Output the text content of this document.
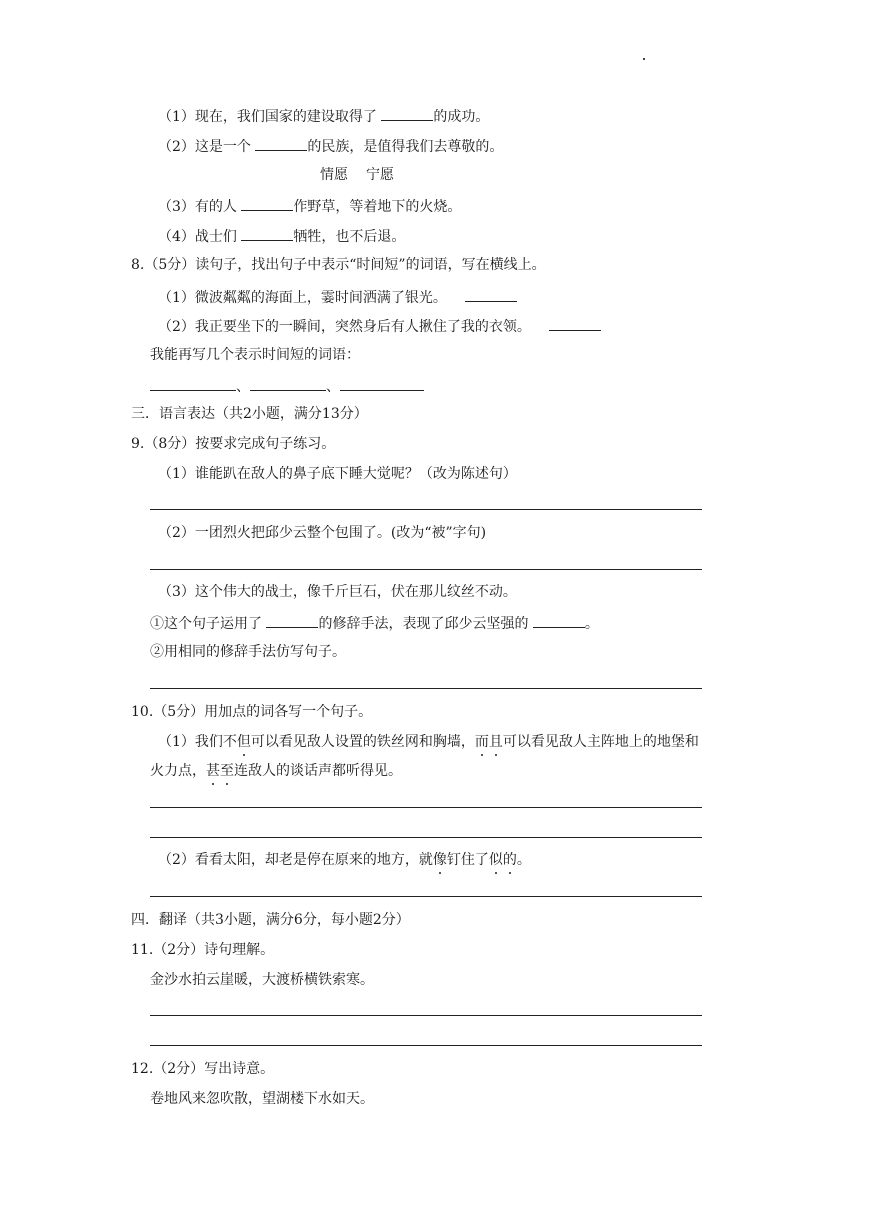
（1）现在，我们国家的建设取得了	的成功。
（2）这是一个	的民族，是值得我们去尊敬的。
情愿 宁愿
（3）有的人	作野草，等着地下的火烧。
（4）战士们	牺牲，也不后退。
8.（5分）读句子，找出句子中表示“时间短”的词语，写在横线上。
（1）微波粼粼的海面上，霎时间洒满了银光。
（2）我正要坐下的一瞬间，突然身后有人揪住了我的衣领。
我能再写几个表示时间短的词语：
、	、
三．语言表达（共2小题，满分13分）
9.（8分）按要求完成句子练习。
（1）谁能趴在敌人的鼻子底下睡大觉呢？（改为陈述句）
（2）一团烈火把邱少云整个包围了。(改为“被”字句)
（3）这个伟大的战士，像千斤巨石，伏在那儿纹丝不动。
①这个句子运用了	的修辞手法，表现了邱少云坚强的	。
②用相同的修辞手法仿写句子。
10.（5分）用加点的词各写一个句子。
（1）我们不但可以看见敌人设置的铁丝网和胸墙，而且可以看见敌人主阵地上的地堡和
火力点，甚至连敌人的谈话声都听得见。
（2）看看太阳，却老是停在原来的地方，就像钉住了似的。
四．翻译（共3小题，满分6分，每小题2分）
11.（2分）诗句理解。
金沙水拍云崖暖，大渡桥横铁索寒。
12.（2分）写出诗意。
卷地风来忽吹散，望湖楼下水如天。
